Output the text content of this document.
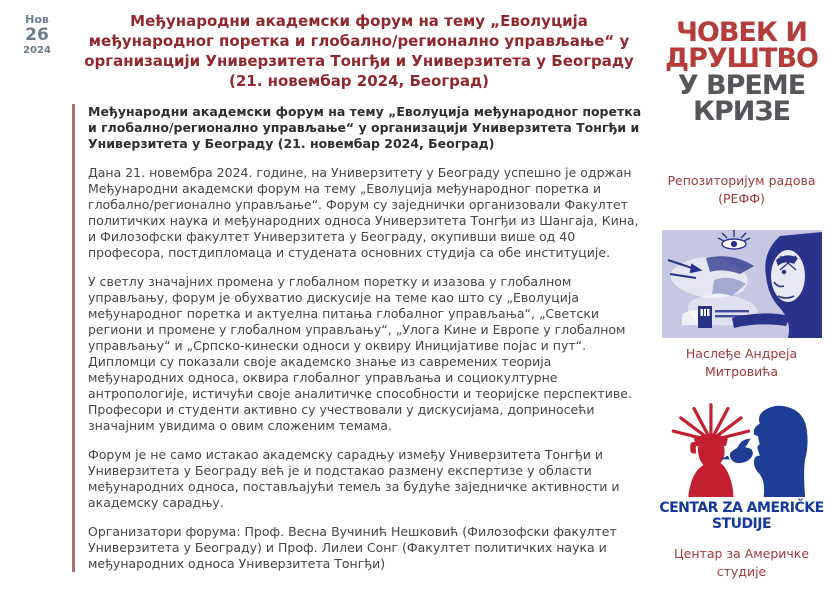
Нов
26
2024
Међународни академски форум на тему „Еволуција међународног поретка и глобално/регионално управљање“ у организацији Универзитета Тонгђи и Универзитета у Београду (21. новембар 2024, Београд)

Међународни академски форум на тему „Еволуција међународног поретка и глобално/регионално управљање“ у организацији Универзитета Тонгђи и Универзитета у Београду (21. новембар 2024, Београд)

Дана 21. новембра 2024. године, на Универзитету у Београду успешно је одржан Међународни академски форум на тему „Еволуција међународног поретка и глобално/регионално управљање“. Форум су заједнички организовали Факултет политичких наука и међународних односа Универзитета Тонгђи из Шангаја, Кина, и Филозофски факултет Универзитета у Београду, окупивши више од 40 професора, постдипломаца и студената основних студија са обе институције.

У светлу значајних промена у глобалном поретку и изазова у глобалном управљању, форум је обухватио дискусије на теме као што су „Еволуција међународног поретка и актуелна питања глобалног управљања“, „Светски региони и промене у глобалном управљању“, „Улога Кине и Европе у глобалном управљању“ и „Српско-кинески односи у оквиру Иницијативе појас и пут“. Дипломци су показали своје академско знање из савремених теорија међународних односа, оквира глобалног управљања и социокултурне антропологије, истичући своје аналитичке способности и теоријске перспективе. Професори и студенти активно су учествовали у дискусијама, доприносећи значајним увидима о овим сложеним темама.

Форум је не само истакао академску сарадњу између Универзитета Тонгђи и Универзитета у Београду већ је и подстакао размену експертизе у области међународних односа, постављајући темељ за будуће заједничке активности и академску сарадњу.

Организатори форума: Проф. Весна Вучинић Нешковић (Филозофски факултет Универзитета у Београду) и Проф. Лилеи Сонг (Факултет политичких наука и међународних односа Универзитета Тонгђи)

ЧОВЕК И
ДРУШТВО
У ВРЕМЕ
КРИЗЕ
Репозиторијум радова (РЕФФ)
Наслеђе Андреја Митровића
CENTAR ZA AMERIČKE
STUDIJE
Центар за Америчке студије
